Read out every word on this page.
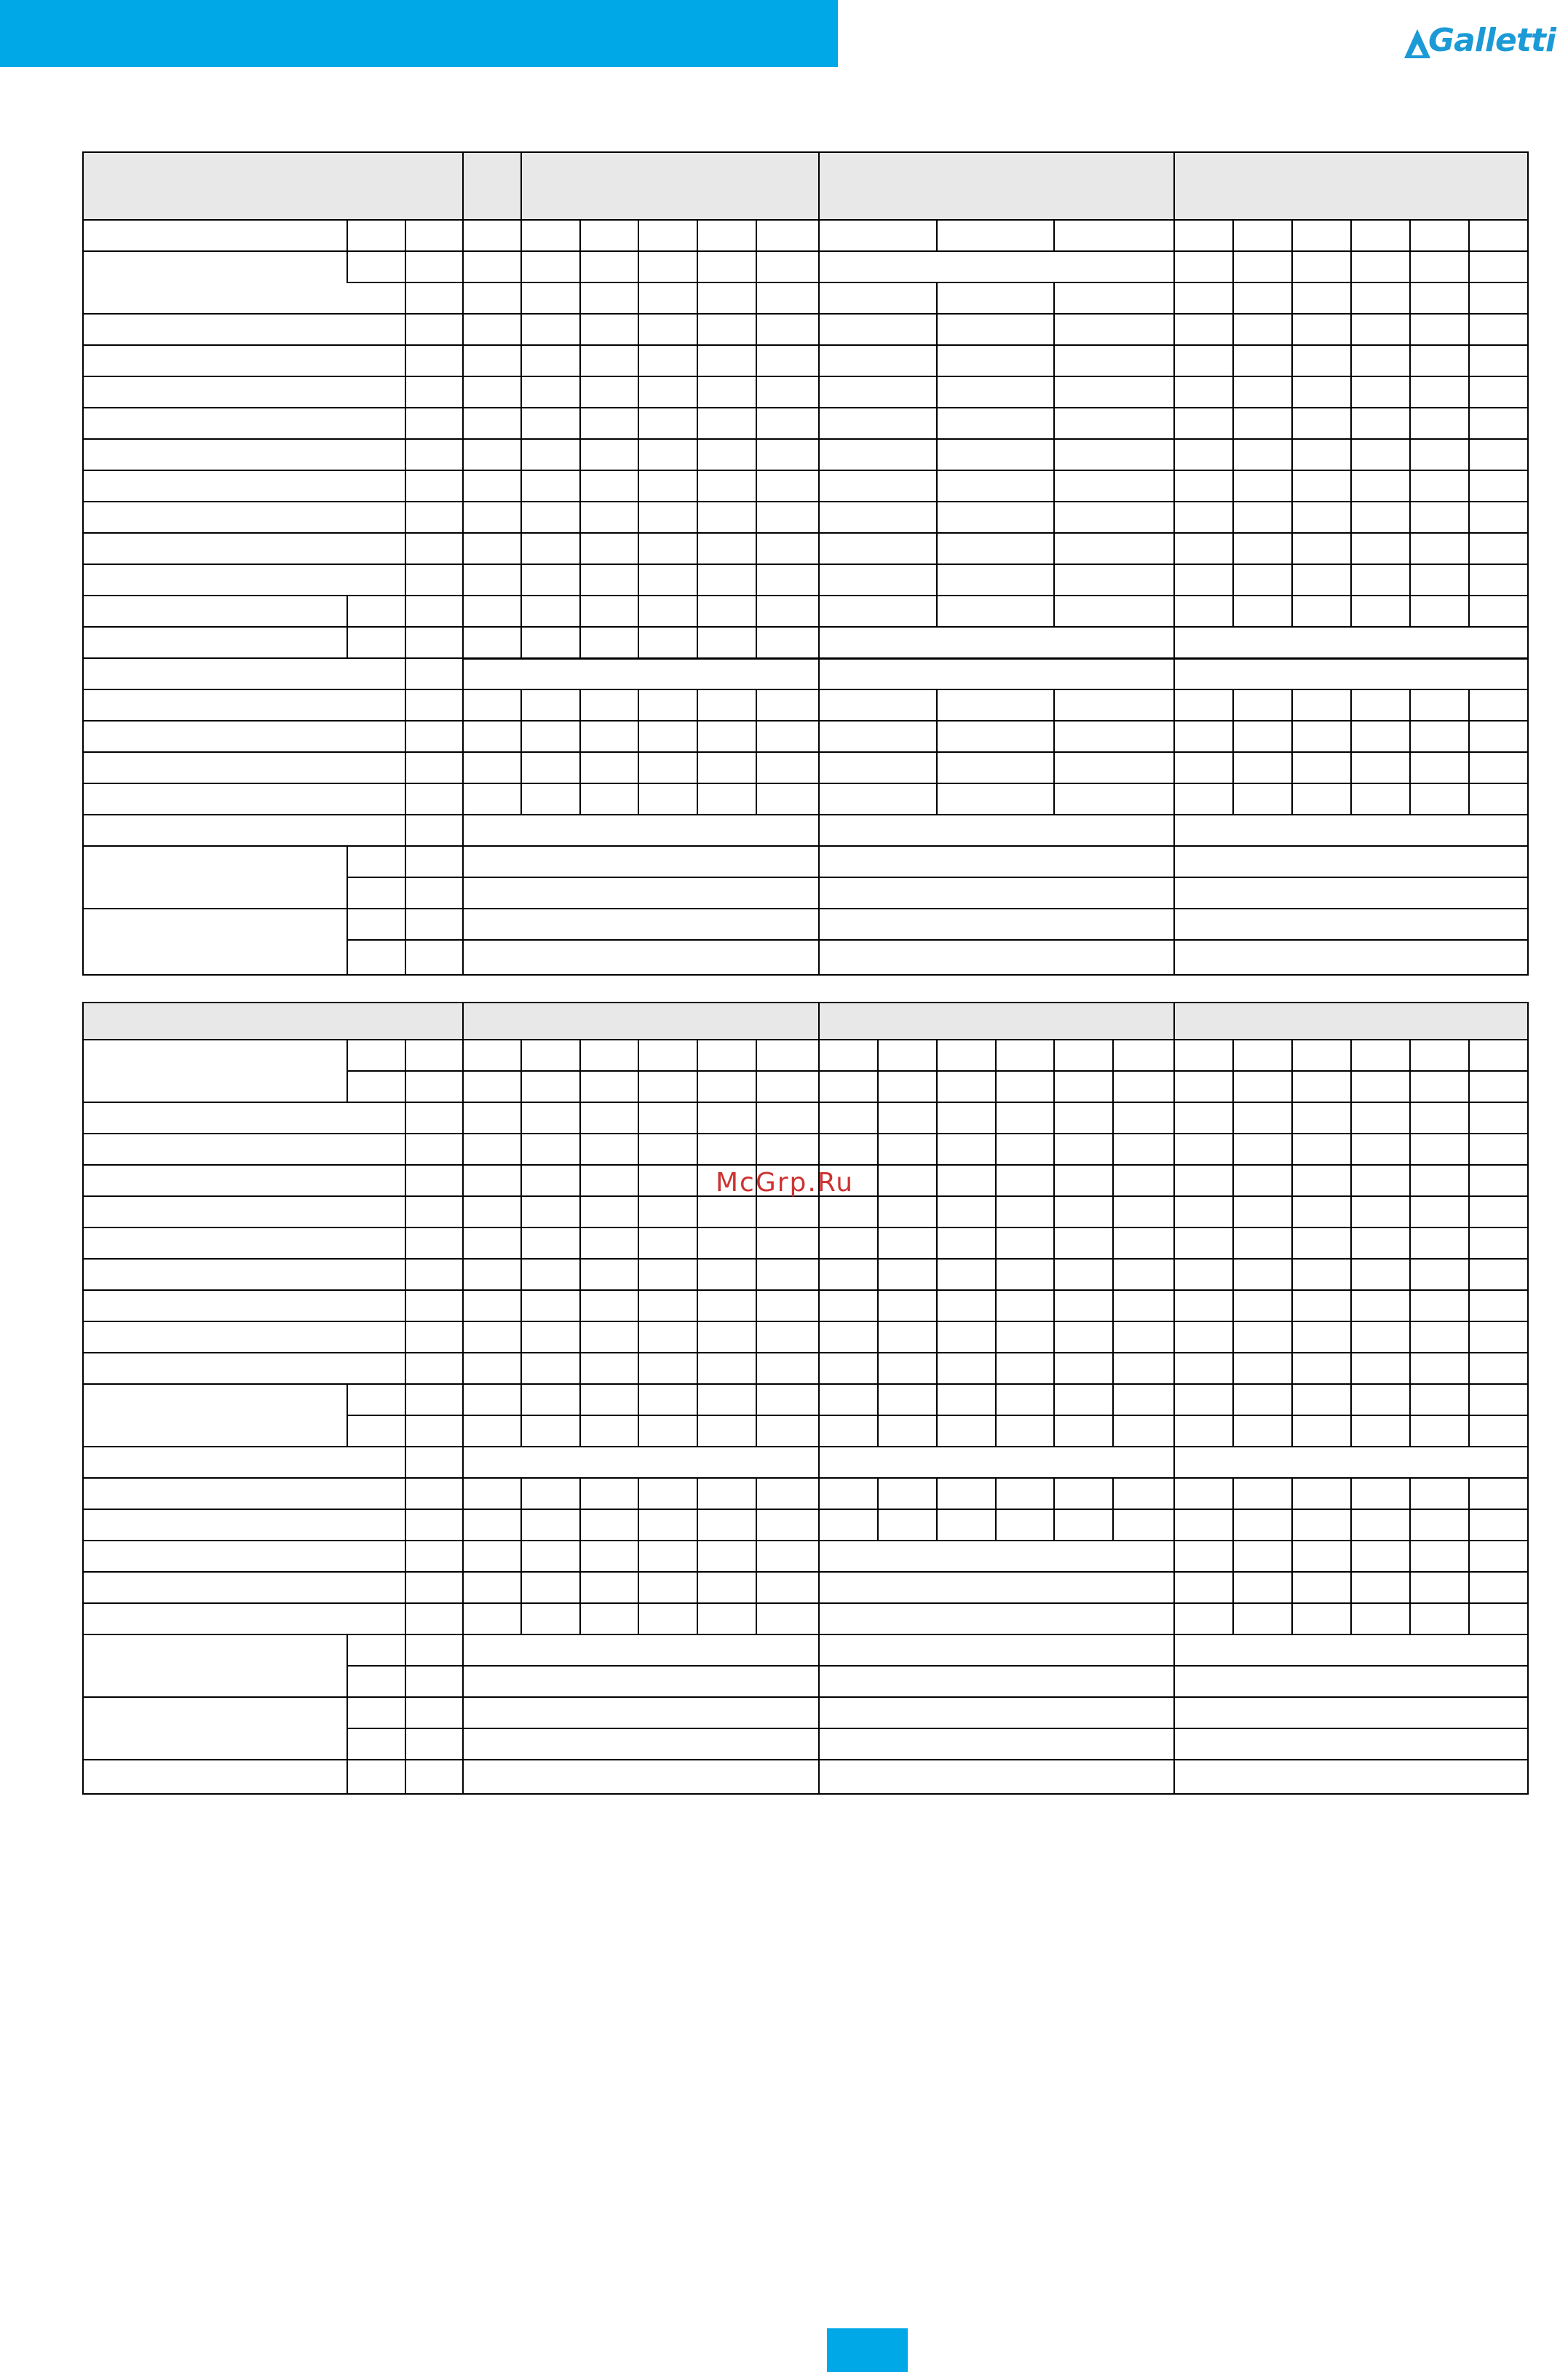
Galletti
McGrp.Ru
